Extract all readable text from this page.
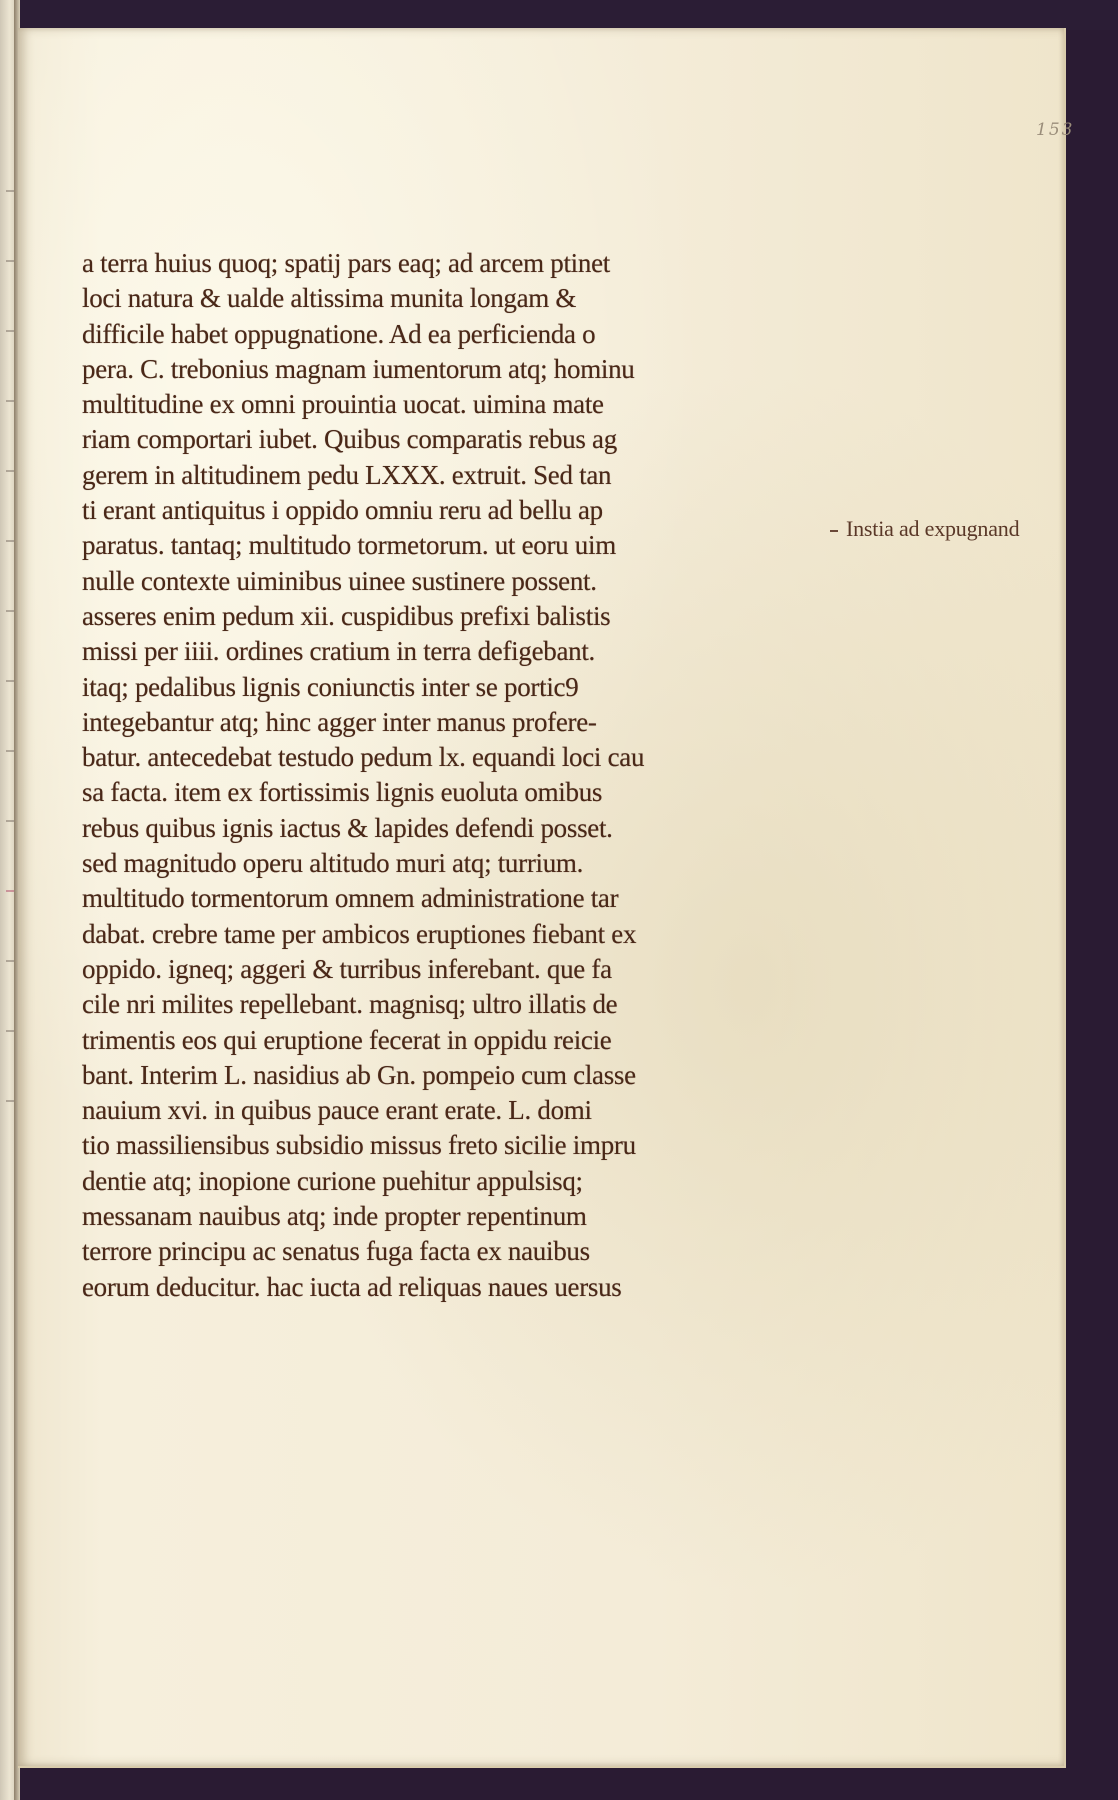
153
a terra huius quoq; spatij pars eaq; ad arcem ptinet
loci natura & ualde altissima munita longam &
difficile habet oppugnatione. Ad ea perficienda o
pera. C. trebonius magnam iumentorum atq; hominu
multitudine ex omni prouintia uocat. uimina mate
riam comportari iubet. Quibus comparatis rebus ag
gerem in altitudinem pedu LXXX. extruit. Sed tan
ti erant antiquitus i oppido omniu reru ad bellu ap
paratus. tantaq; multitudo tormetorum. ut eoru uim
nulle contexte uiminibus uinee sustinere possent.
asseres enim pedum xii. cuspidibus prefixi balistis
missi per iiii. ordines cratium in terra defigebant.
itaq; pedalibus lignis coniunctis inter se portic9
integebantur atq; hinc agger inter manus profere-
batur. antecedebat testudo pedum lx. equandi loci cau
sa facta. item ex fortissimis lignis euoluta omibus
rebus quibus ignis iactus & lapides defendi posset.
sed magnitudo operu altitudo muri atq; turrium.
multitudo tormentorum omnem administratione tar
dabat. crebre tame per ambicos eruptiones fiebant ex
oppido. igneq; aggeri & turribus inferebant. que fa
cile nri milites repellebant. magnisq; ultro illatis de
trimentis eos qui eruptione fecerat in oppidu reicie
bant. Interim L. nasidius ab Gn. pompeio cum classe
nauium xvi. in quibus pauce erant erate. L. domi
tio massiliensibus subsidio missus freto sicilie impru
dentie atq; inopione curione puehitur appulsisq;
messanam nauibus atq; inde propter repentinum
terrore principu ac senatus fuga facta ex nauibus
eorum deducitur. hac iucta ad reliquas naues uersus
Instia ad expugnand
